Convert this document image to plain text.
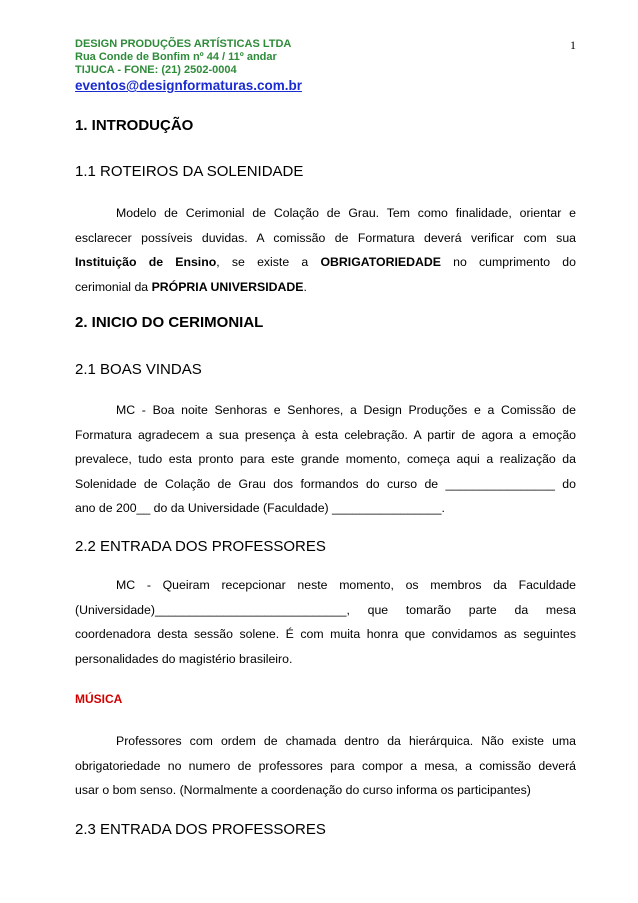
DESIGN PRODUÇÕES ARTÍSTICAS LTDA
Rua Conde de Bonfim nº 44 / 11º andar
TIJUCA - FONE: (21) 2502-0004
eventos@designformaturas.com.br
1
1. INTRODUÇÃO
1.1 ROTEIROS DA SOLENIDADE
Modelo de Cerimonial de Colação de Grau. Tem como finalidade, orientar e
esclarecer possíveis duvidas. A comissão de Formatura deverá verificar com sua
Instituição de Ensino, se existe a OBRIGATORIEDADE no cumprimento do
cerimonial da PRÓPRIA UNIVERSIDADE.
2. INICIO DO CERIMONIAL
2.1 BOAS VINDAS
MC - Boa noite Senhoras e Senhores, a Design Produções e a Comissão de
Formatura agradecem a sua presença à esta celebração. A partir de agora a emoção
prevalece, tudo esta pronto para este grande momento, começa aqui a realização da
Solenidade de Colação de Grau dos formandos do curso de ________________ do
ano de 200__ do da Universidade (Faculdade) ________________.
2.2 ENTRADA DOS PROFESSORES
MC - Queiram recepcionar neste momento, os membros da Faculdade
(Universidade)____________________________, que tomarão parte da mesa
coordenadora desta sessão solene. É com muita honra que convidamos as seguintes
personalidades do magistério brasileiro.
MÚSICA
Professores com ordem de chamada dentro da hierárquica. Não existe uma
obrigatoriedade no numero de professores para compor a mesa, a comissão deverá
usar o bom senso. (Normalmente a coordenação do curso informa os participantes)
2.3 ENTRADA DOS PROFESSORES
